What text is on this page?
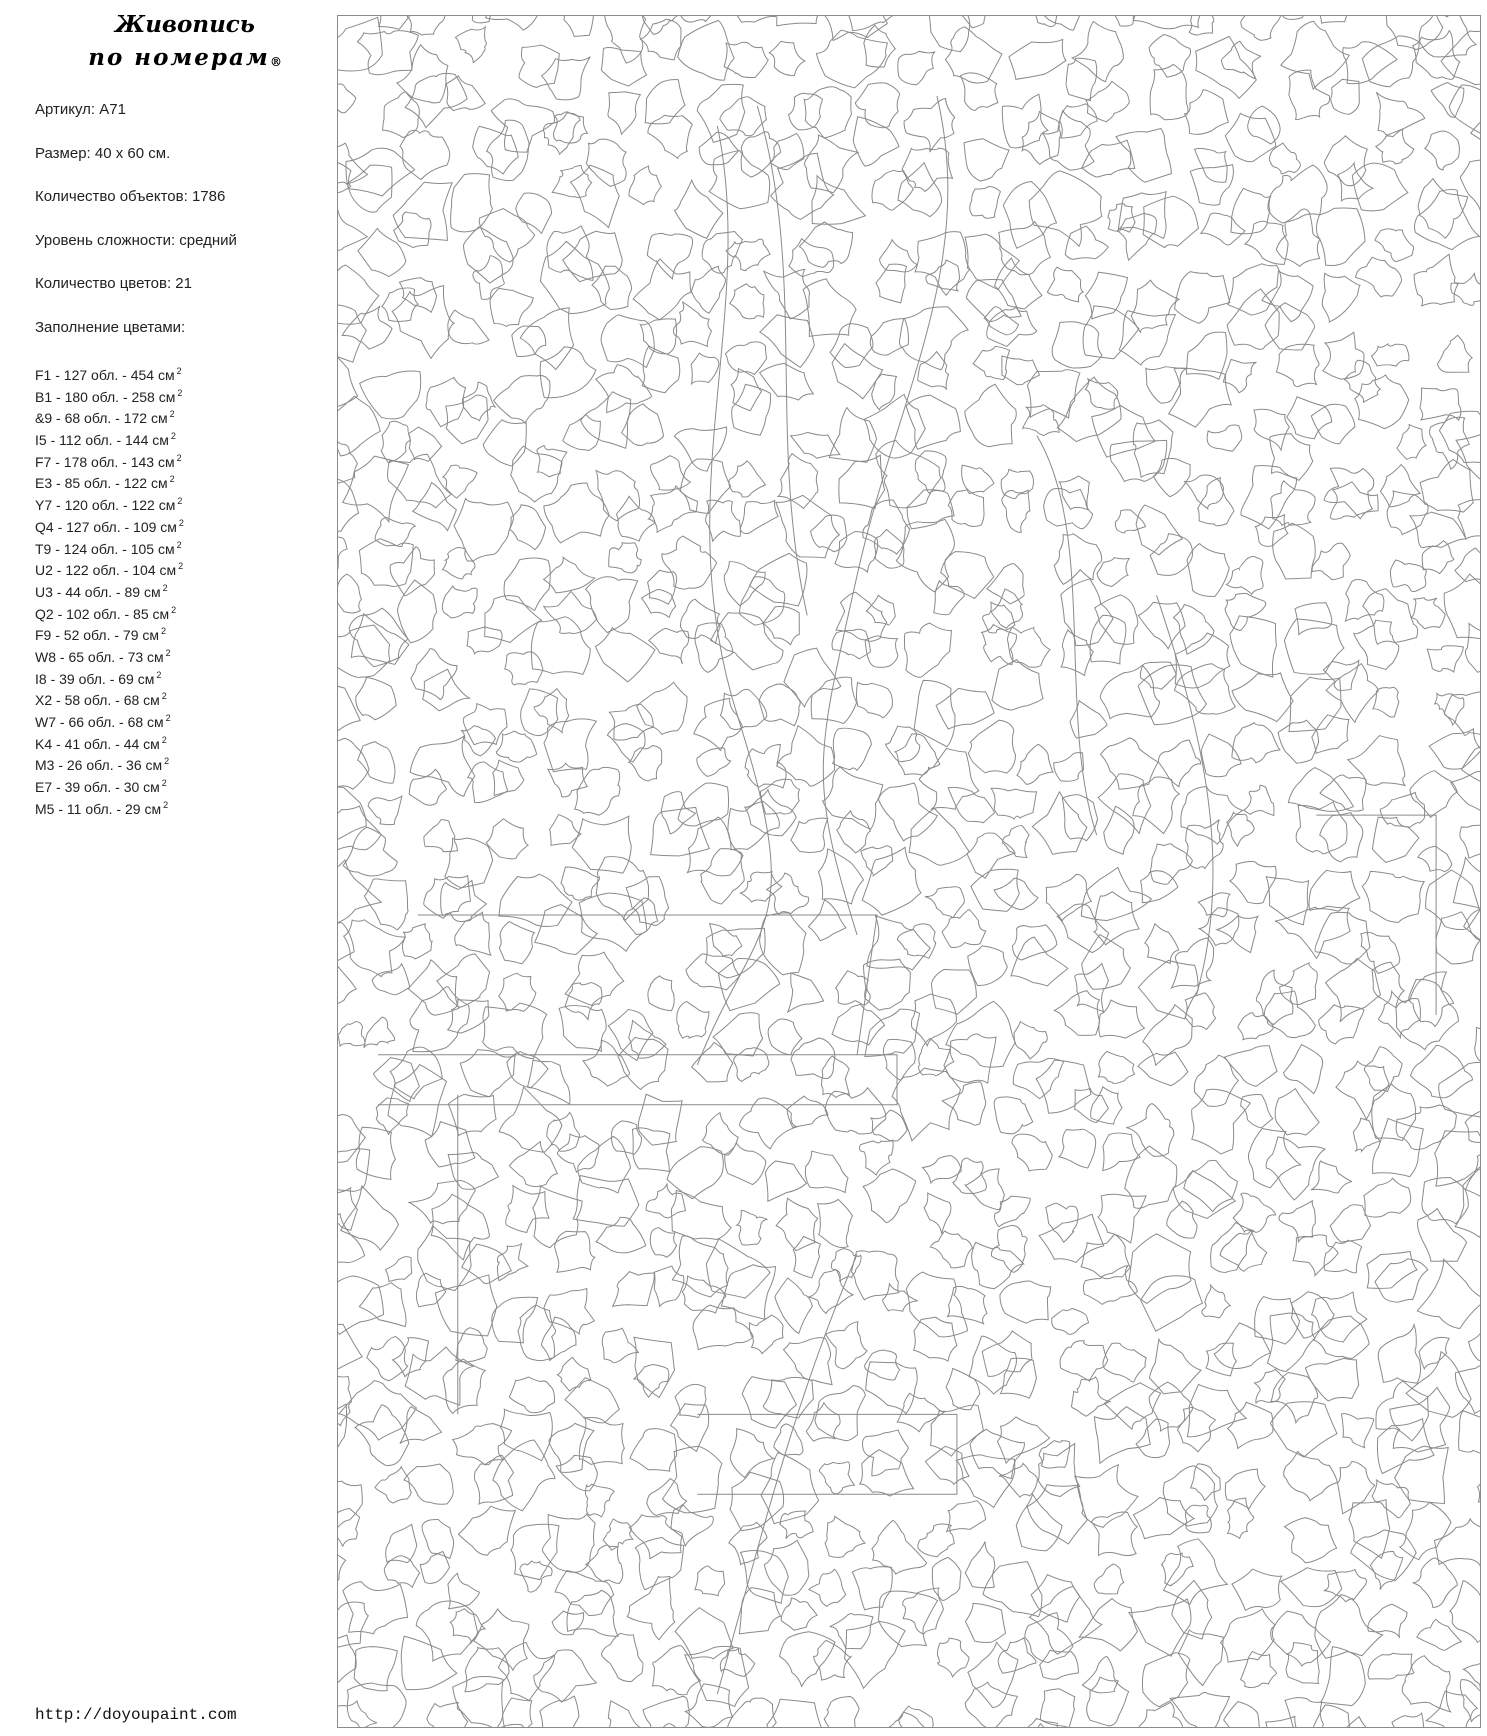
Живопись
по номерам ®
Артикул: A71
Размер: 40 х 60 см.
Количество объектов: 1786
Уровень сложности: средний
Количество цветов: 21
Заполнение цветами:
F1 - 127 обл. - 454 см $^2$
B1 - 180 обл. - 258 см $^2$
&9 - 68 обл. - 172 см $^2$
I5 - 112 обл. - 144 см $^2$
F7 - 178 обл. - 143 см $^2$
E3 - 85 обл. - 122 см $^2$
Y7 - 120 обл. - 122 см $^2$
Q4 - 127 обл. - 109 см $^2$
T9 - 124 обл. - 105 см $^2$
U2 - 122 обл. - 104 см $^2$
U3 - 44 обл. - 89 см $^2$
Q2 - 102 обл. - 85 см $^2$
F9 - 52 обл. - 79 см $^2$
W8 - 65 обл. - 73 см $^2$
I8 - 39 обл. - 69 см $^2$
X2 - 58 обл. - 68 см $^2$
W7 - 66 обл. - 68 см $^2$
K4 - 41 обл. - 44 см $^2$
M3 - 26 обл. - 36 см $^2$
E7 - 39 обл. - 30 см $^2$
M5 - 11 обл. - 29 см $^2$
http://doyoupaint.com
